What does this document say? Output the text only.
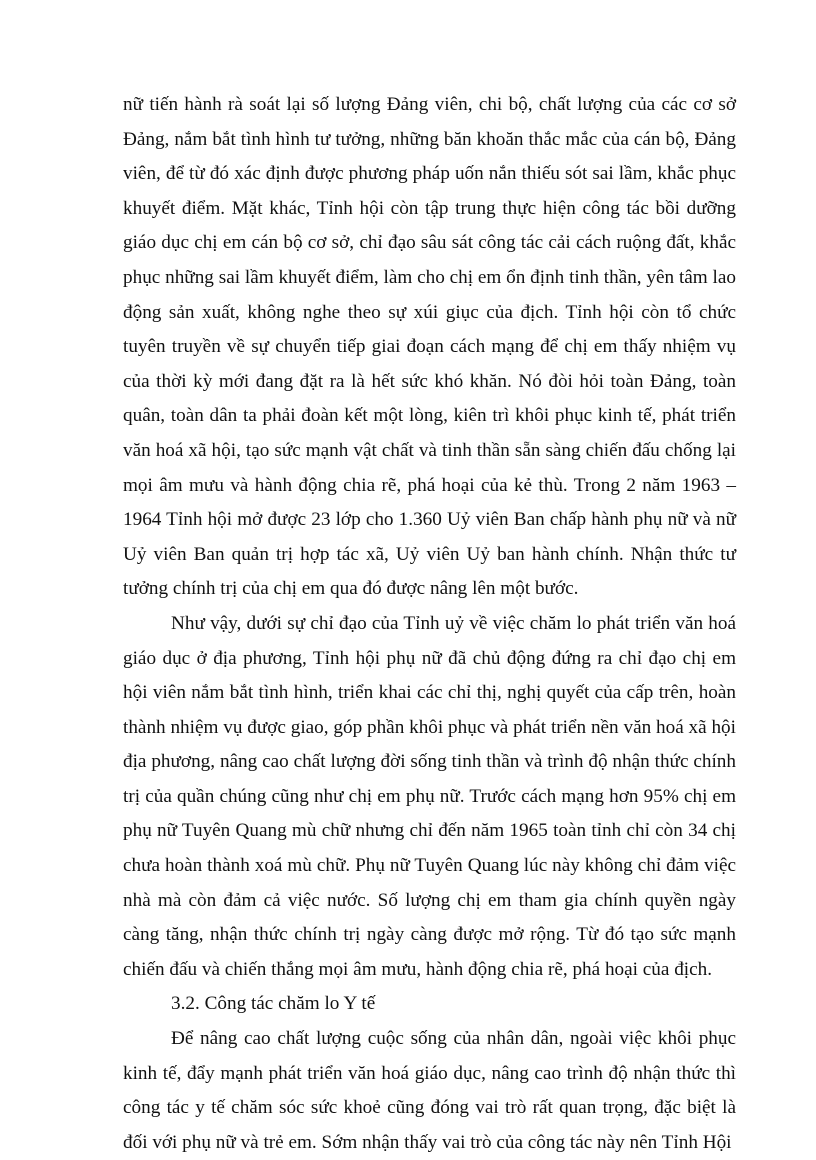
nữ tiến hành rà soát lại số lượng Đảng viên, chi bộ, chất lượng của các cơ sở Đảng, nắm bắt tình hình tư tưởng, những băn khoăn thắc mắc của cán bộ, Đảng viên, để từ đó xác định được phương pháp uốn nắn thiếu sót sai lầm, khắc phục khuyết điểm. Mặt khác, Tỉnh hội còn tập trung thực hiện công tác bồi dưỡng giáo dục chị em cán bộ cơ sở, chỉ đạo sâu sát công tác cải cách ruộng đất, khắc phục những sai lầm khuyết điểm, làm cho chị em ổn định tinh thần, yên tâm lao động sản xuất, không nghe theo sự xúi giục của địch. Tỉnh hội còn tổ chức tuyên truyền về sự chuyển tiếp giai đoạn cách mạng để chị em thấy nhiệm vụ của thời kỳ mới đang đặt ra là hết sức khó khăn. Nó đòi hỏi toàn Đảng, toàn quân, toàn dân ta phải đoàn kết một lòng, kiên trì khôi phục kinh tế, phát triển văn hoá xã hội, tạo sức mạnh vật chất và tinh thần sẵn sàng chiến đấu chống lại mọi âm mưu và hành động chia rẽ, phá hoại của kẻ thù. Trong 2 năm 1963 – 1964 Tỉnh hội mở được 23 lớp cho 1.360 Uỷ viên Ban chấp hành phụ nữ và nữ Uỷ viên Ban quản trị hợp tác xã, Uỷ viên Uỷ ban hành chính. Nhận thức tư tưởng chính trị của chị em qua đó được nâng lên một bước.

Như vậy, dưới sự chỉ đạo của Tỉnh uỷ về việc chăm lo phát triển văn hoá giáo dục ở địa phương, Tỉnh hội phụ nữ đã chủ động đứng ra chỉ đạo chị em hội viên nắm bắt tình hình, triển khai các chỉ thị, nghị quyết của cấp trên, hoàn thành nhiệm vụ được giao, góp phần khôi phục và phát triển nền văn hoá xã hội địa phương, nâng cao chất lượng đời sống tinh thần và trình độ nhận thức chính trị của quần chúng cũng như chị em phụ nữ. Trước cách mạng hơn 95% chị em phụ nữ Tuyên Quang mù chữ nhưng chỉ đến năm 1965 toàn tỉnh chỉ còn 34 chị chưa hoàn thành xoá mù chữ. Phụ nữ Tuyên Quang lúc này không chỉ đảm việc nhà mà còn đảm cả việc nước. Số lượng chị em tham gia chính quyền ngày càng tăng, nhận thức chính trị ngày càng được mở rộng. Từ đó tạo sức mạnh chiến đấu và chiến thắng mọi âm mưu, hành động chia rẽ, phá hoại của địch.

3.2. Công tác chăm lo Y tế

Để nâng cao chất lượng cuộc sống của nhân dân, ngoài việc khôi phục kinh tế, đẩy mạnh phát triển văn hoá giáo dục, nâng cao trình độ nhận thức thì công tác y tế chăm sóc sức khoẻ cũng đóng vai trò rất quan trọng, đặc biệt là đối với phụ nữ và trẻ em. Sớm nhận thấy vai trò của công tác này nên Tỉnh Hội
